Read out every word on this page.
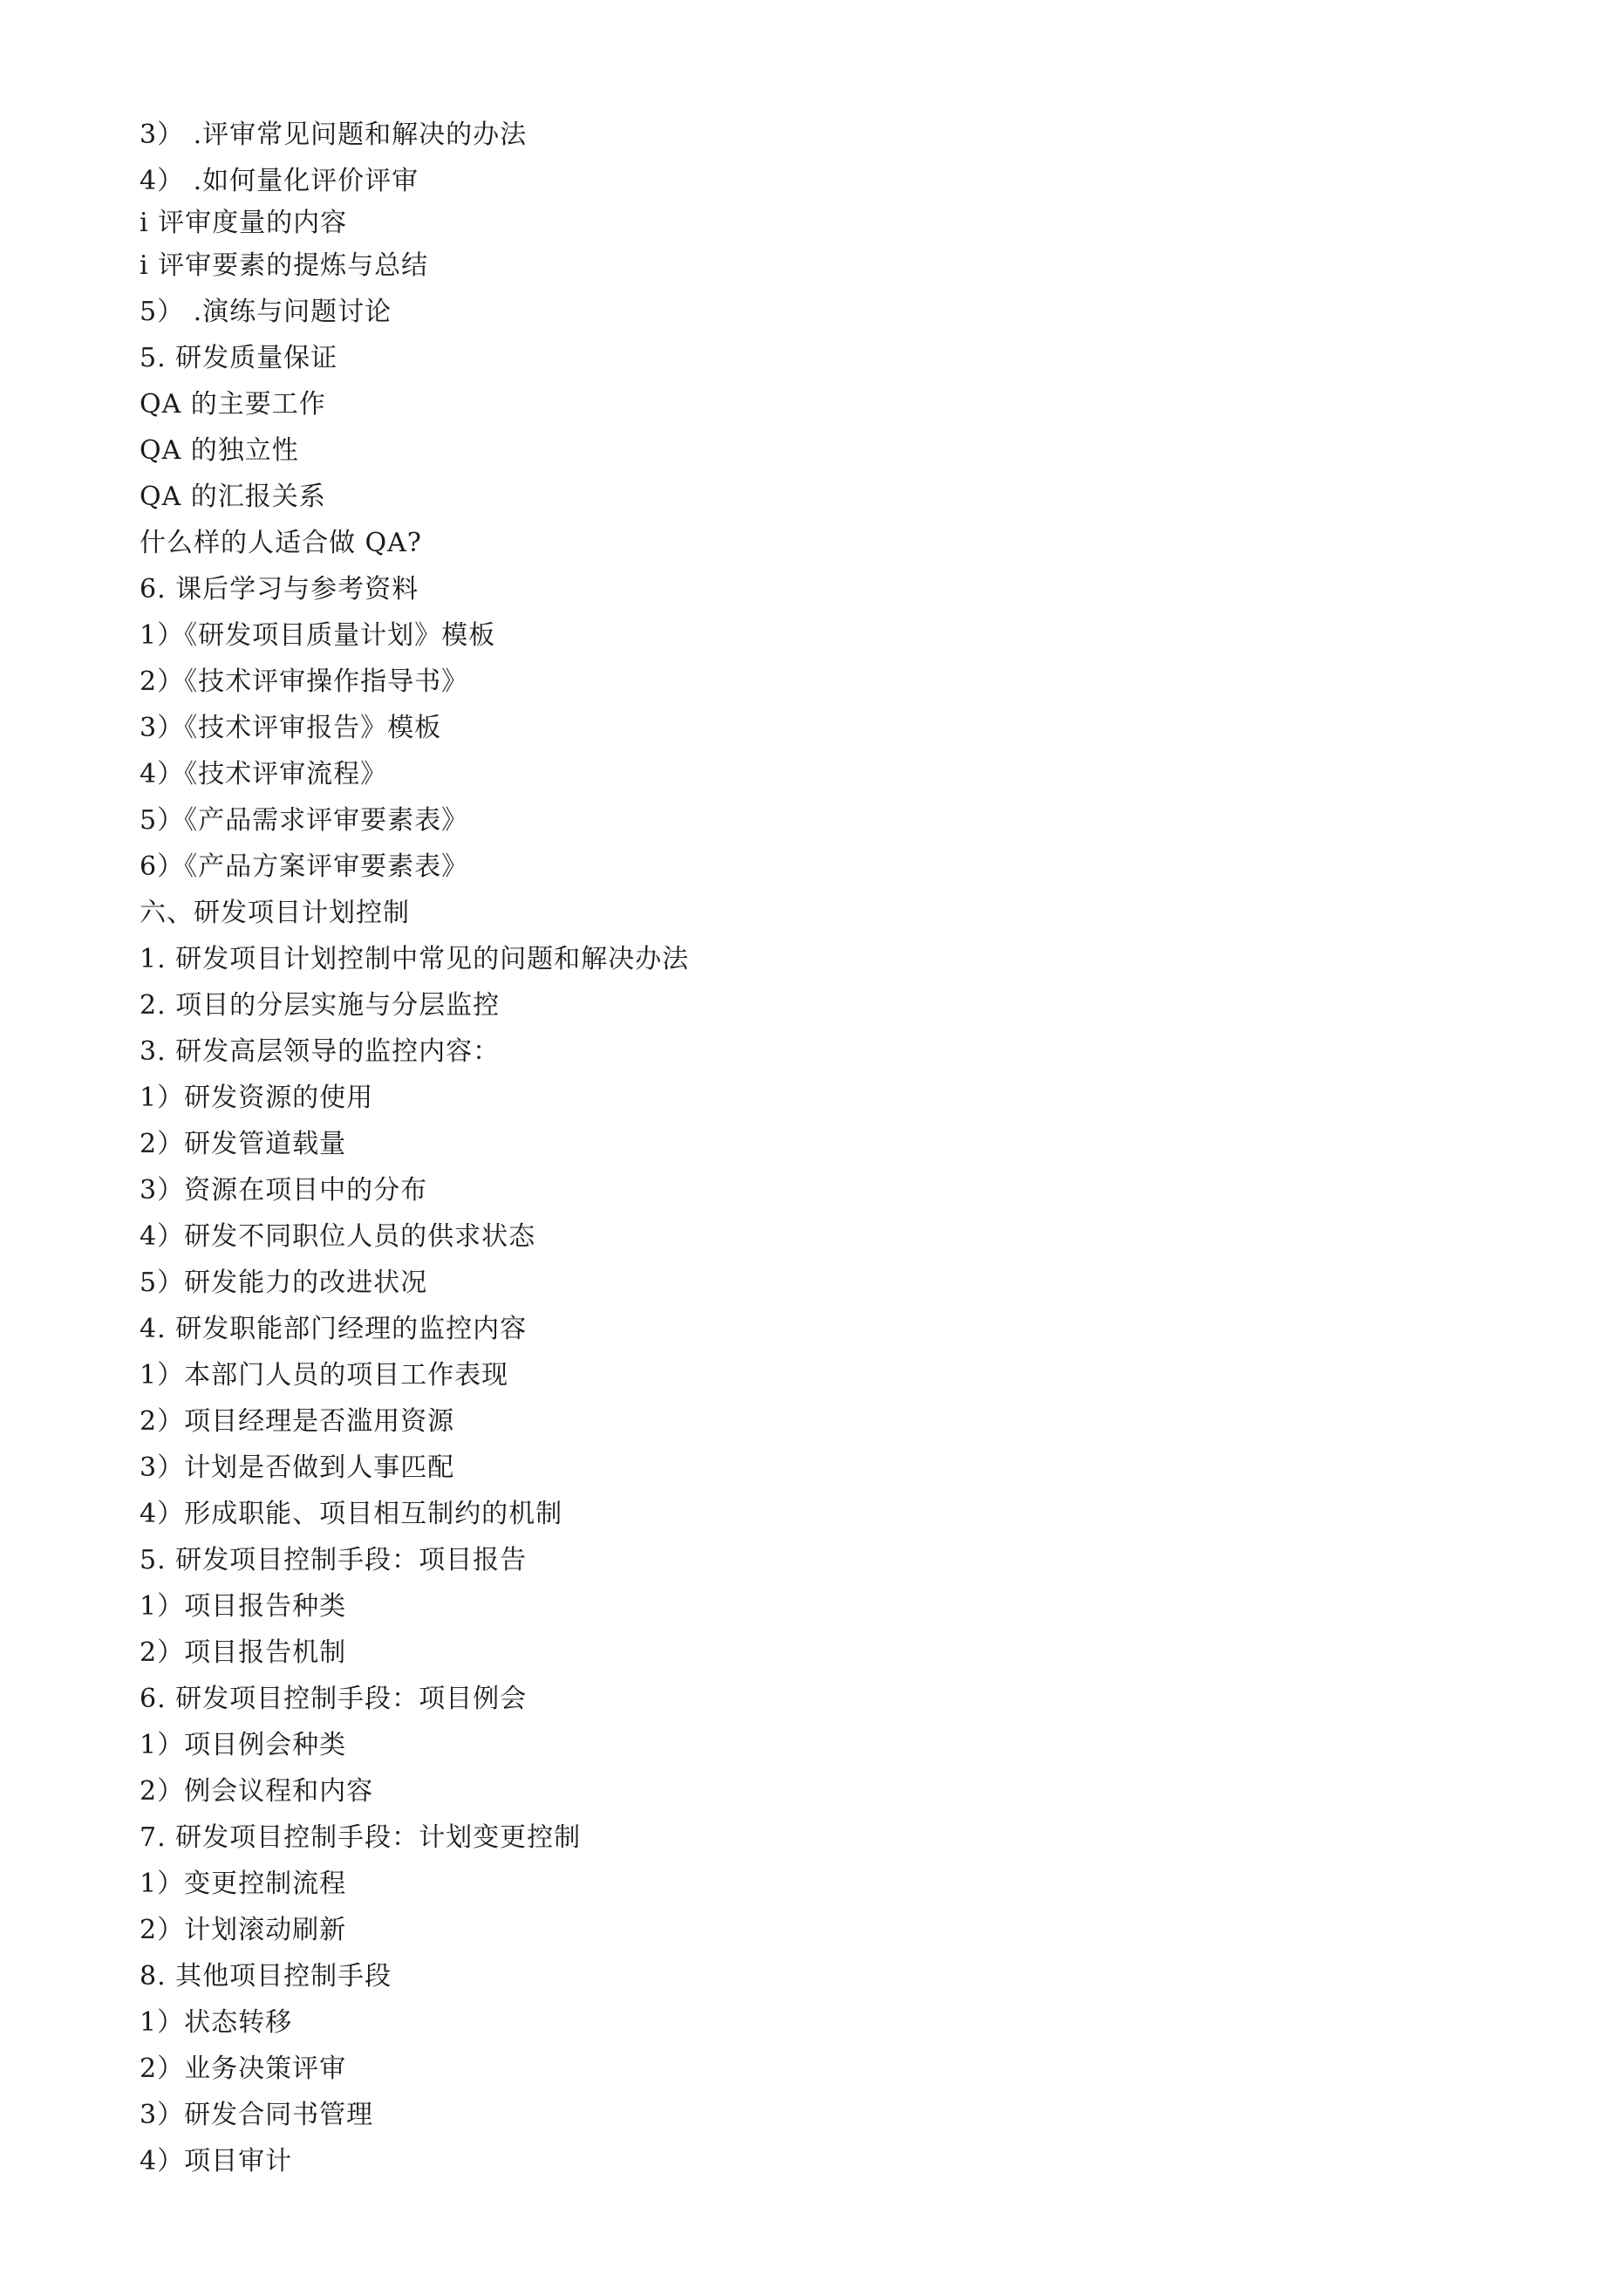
3） .评审常见问题和解决的办法
4） .如何量化评价评审
i 评审度量的内容
i 评审要素的提炼与总结
5） .演练与问题讨论
5. 研发质量保证
QA 的主要工作
QA 的独立性
QA 的汇报关系
什么样的人适合做 QA?
6. 课后学习与参考资料
1）《研发项目质量计划》模板
2）《技术评审操作指导书》
3）《技术评审报告》模板
4）《技术评审流程》
5）《产品需求评审要素表》
6）《产品方案评审要素表》
六、研发项目计划控制
1. 研发项目计划控制中常见的问题和解决办法
2. 项目的分层实施与分层监控
3. 研发高层领导的监控内容：
1）研发资源的使用
2）研发管道载量
3）资源在项目中的分布
4）研发不同职位人员的供求状态
5）研发能力的改进状况
4. 研发职能部门经理的监控内容
1）本部门人员的项目工作表现
2）项目经理是否滥用资源
3）计划是否做到人事匹配
4）形成职能、项目相互制约的机制
5. 研发项目控制手段：项目报告
1）项目报告种类
2）项目报告机制
6. 研发项目控制手段：项目例会
1）项目例会种类
2）例会议程和内容
7. 研发项目控制手段：计划变更控制
1）变更控制流程
2）计划滚动刷新
8. 其他项目控制手段
1）状态转移
2）业务决策评审
3）研发合同书管理
4）项目审计
